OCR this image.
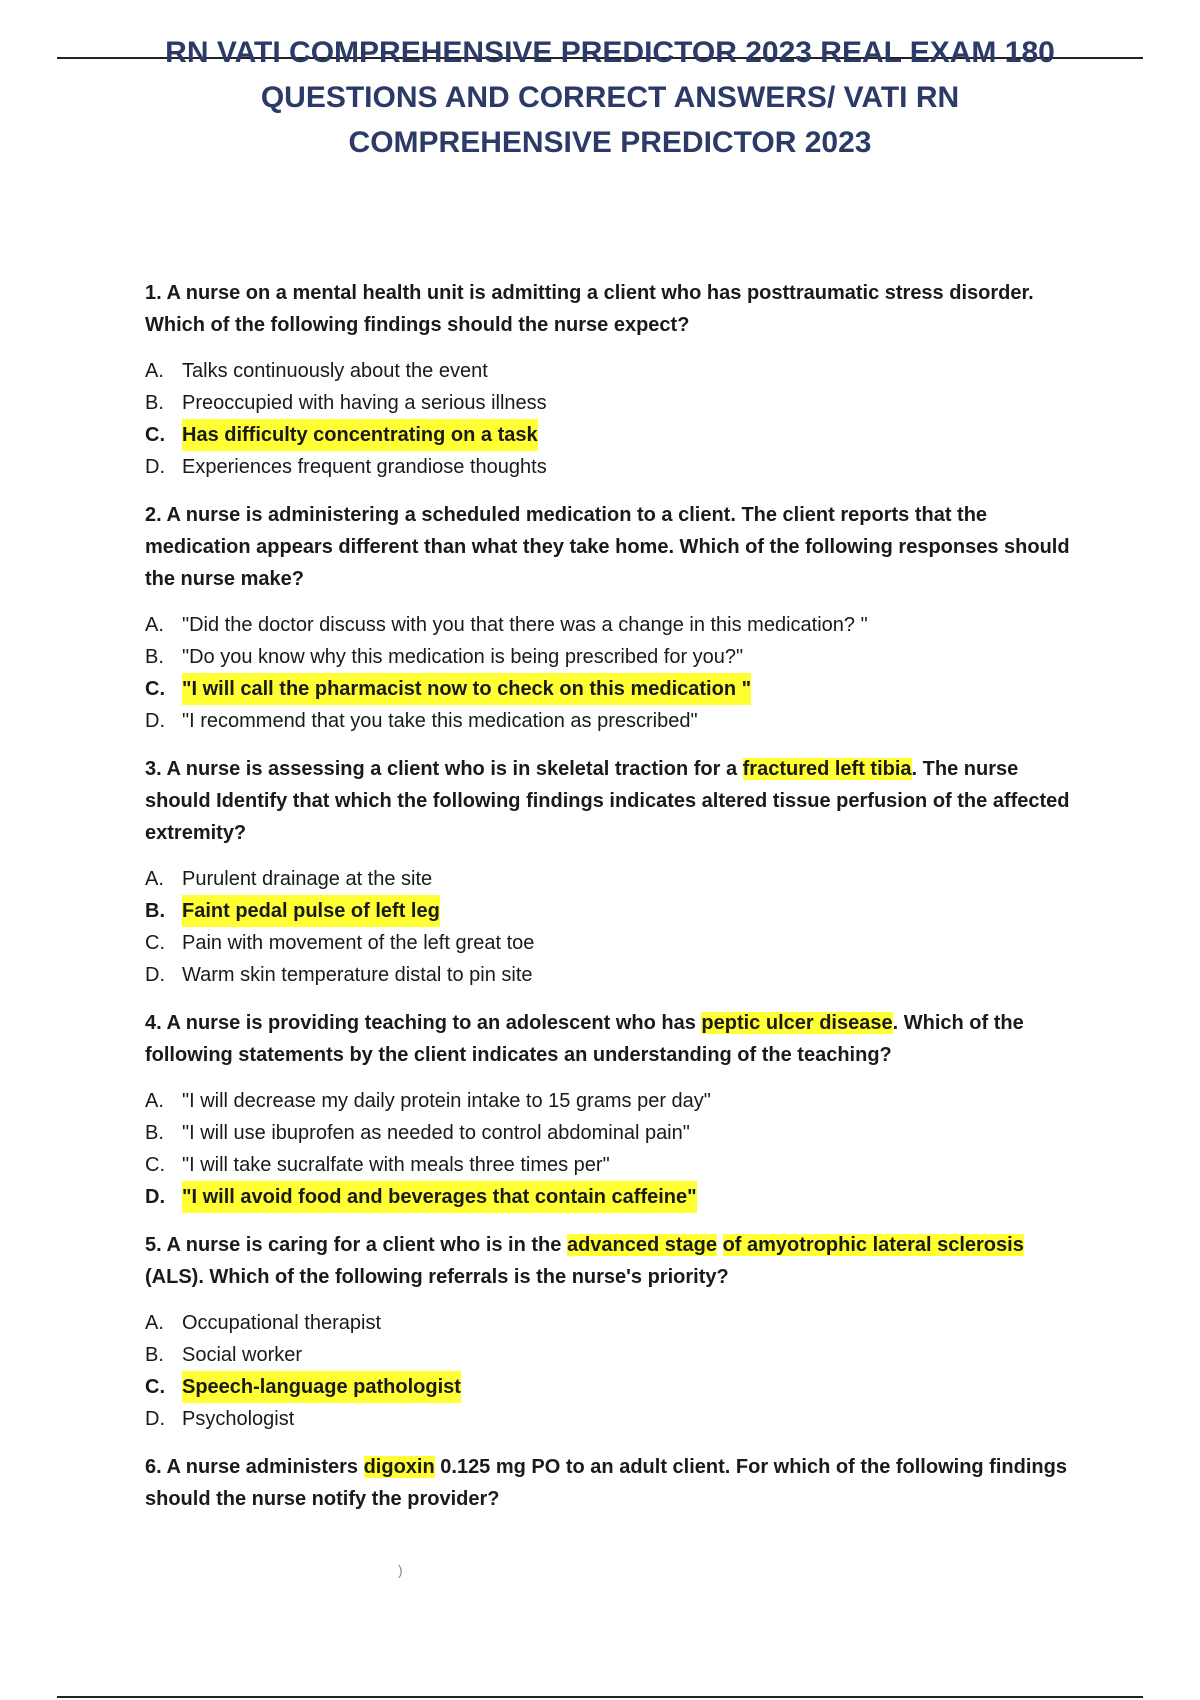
RN VATI COMPREHENSIVE PREDICTOR 2023 REAL EXAM 180
QUESTIONS AND CORRECT ANSWERS/ VATI RN
COMPREHENSIVE PREDICTOR 2023

1. A nurse on a mental health unit is admitting a client who has posttraumatic stress disorder. Which of the following findings should the nurse expect?

A. Talks continuously about the event
B. Preoccupied with having a serious illness
C. Has difficulty concentrating on a task
D. Experiences frequent grandiose thoughts

2. A nurse is administering a scheduled medication to a client. The client reports that the medication appears different than what they take home. Which of the following responses should the nurse make?

A. "Did the doctor discuss with you that there was a change in this medication? "
B. "Do you know why this medication is being prescribed for you?"
C. "I will call the pharmacist now to check on this medication "
D. "I recommend that you take this medication as prescribed"

3. A nurse is assessing a client who is in skeletal traction for a fractured left tibia. The nurse should Identify that which the following findings indicates altered tissue perfusion of the affected extremity?

A. Purulent drainage at the site
B. Faint pedal pulse of left leg
C. Pain with movement of the left great toe
D. Warm skin temperature distal to pin site

4. A nurse is providing teaching to an adolescent who has peptic ulcer disease. Which of the following statements by the client indicates an understanding of the teaching?

A. "I will decrease my daily protein intake to 15 grams per day"
B. "I will use ibuprofen as needed to control abdominal pain"
C. "I will take sucralfate with meals three times per"
D. "I will avoid food and beverages that contain caffeine"

5. A nurse is caring for a client who is in the advanced stage of amyotrophic lateral sclerosis (ALS). Which of the following referrals is the nurse's priority?

A. Occupational therapist
B. Social worker
C. Speech-language pathologist
D. Psychologist

6. A nurse administers digoxin 0.125 mg PO to an adult client. For which of the following findings should the nurse notify the provider?

)
